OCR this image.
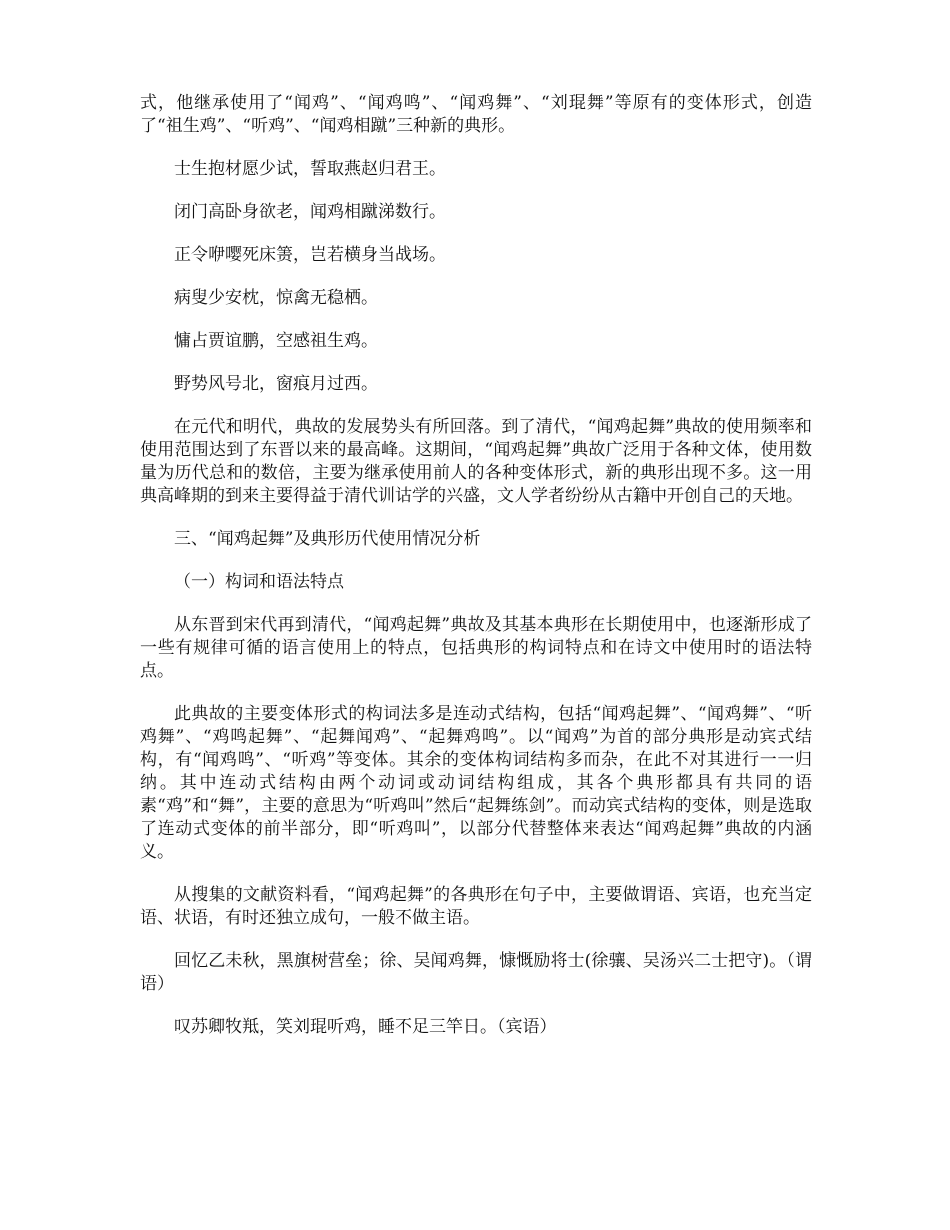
式，他继承使用了“闻鸡”、“闻鸡鸣”、“闻鸡舞”、“刘琨舞”等原有的变体形式，创造了“祖生鸡”、“听鸡”、“闻鸡相蹴”三种新的典形。

士生抱材愿少试，誓取燕赵归君王。

闭门高卧身欲老，闻鸡相蹴涕数行。

正令咿嘤死床箦，岂若横身当战场。

病叟少安枕，惊禽无稳栖。

慵占贾谊鹏，空感祖生鸡。

野势风号北，窗痕月过西。

在元代和明代，典故的发展势头有所回落。到了清代，“闻鸡起舞”典故的使用频率和使用范围达到了东晋以来的最高峰。这期间，“闻鸡起舞”典故广泛用于各种文体，使用数量为历代总和的数倍，主要为继承使用前人的各种变体形式，新的典形出现不多。这一用典高峰期的到来主要得益于清代训诂学的兴盛，文人学者纷纷从古籍中开创自己的天地。

三、“闻鸡起舞”及典形历代使用情况分析

（一）构词和语法特点

从东晋到宋代再到清代，“闻鸡起舞”典故及其基本典形在长期使用中，也逐渐形成了一些有规律可循的语言使用上的特点，包括典形的构词特点和在诗文中使用时的语法特点。

此典故的主要变体形式的构词法多是连动式结构，包括“闻鸡起舞”、“闻鸡舞”、“听鸡舞”、“鸡鸣起舞”、“起舞闻鸡”、“起舞鸡鸣”。以“闻鸡”为首的部分典形是动宾式结构，有“闻鸡鸣”、“听鸡”等变体。其余的变体构词结构多而杂，在此不对其进行一一归纳。其中连动式结构由两个动词或动词结构组成，其各个典形都具有共同的语素“鸡”和“舞”，主要的意思为“听鸡叫”然后“起舞练剑”。而动宾式结构的变体，则是选取了连动式变体的前半部分，即“听鸡叫”，以部分代替整体来表达“闻鸡起舞”典故的内涵义。

从搜集的文献资料看，“闻鸡起舞”的各典形在句子中，主要做谓语、宾语，也充当定语、状语，有时还独立成句，一般不做主语。

回忆乙未秋，黑旗树营垒；徐、吴闻鸡舞，慷慨励将士(徐骧、吴汤兴二士把守)。（谓语）

叹苏卿牧羝，笑刘琨听鸡，睡不足三竿日。（宾语）
